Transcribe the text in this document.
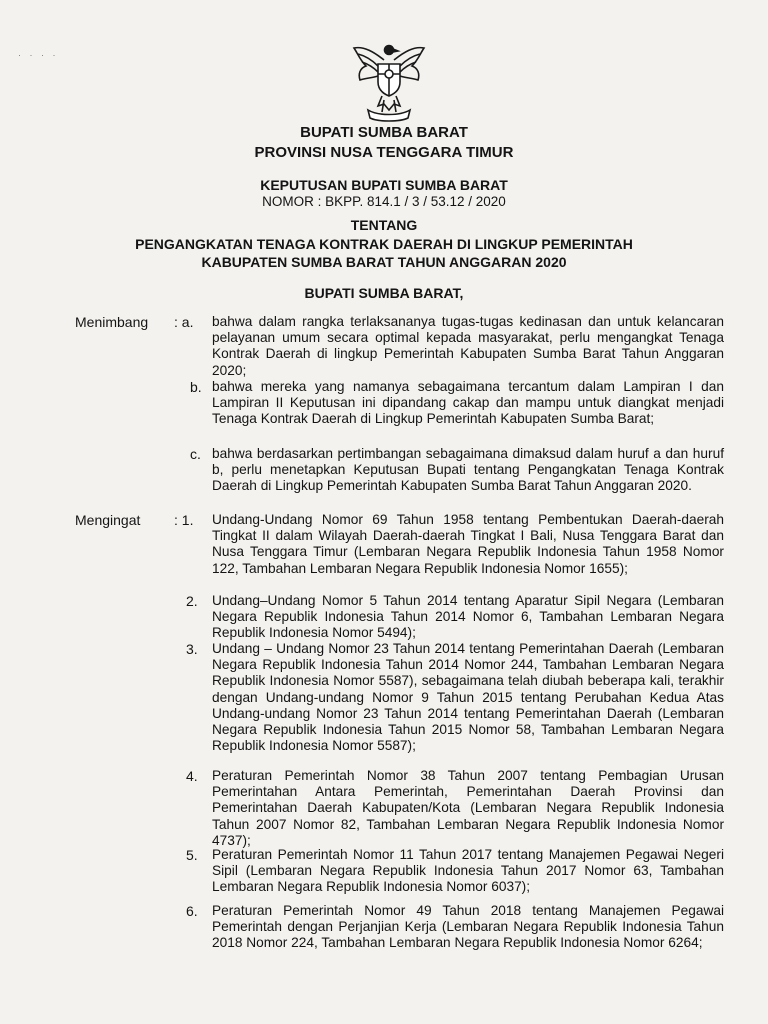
· · · ·
BUPATI SUMBA BARAT
PROVINSI NUSA TENGGARA TIMUR
KEPUTUSAN BUPATI SUMBA BARAT
NOMOR : BKPP. 814.1 / 3 / 53.12 / 2020
TENTANG
PENGANGKATAN TENAGA KONTRAK DAERAH DI LINGKUP PEMERINTAH
KABUPATEN SUMBA BARAT TAHUN ANGGARAN 2020
BUPATI SUMBA BARAT,
Menimbang : a. bahwa dalam rangka terlaksananya tugas-tugas kedinasan dan untuk kelancaran pelayanan umum secara optimal kepada masyarakat, perlu mengangkat Tenaga Kontrak Daerah di lingkup Pemerintah Kabupaten Sumba Barat Tahun Anggaran 2020;
b. bahwa mereka yang namanya sebagaimana tercantum dalam Lampiran I dan Lampiran II Keputusan ini dipandang cakap dan mampu untuk diangkat menjadi Tenaga Kontrak Daerah di Lingkup Pemerintah Kabupaten Sumba Barat;
c. bahwa berdasarkan pertimbangan sebagaimana dimaksud dalam huruf a dan huruf b, perlu menetapkan Keputusan Bupati tentang Pengangkatan Tenaga Kontrak Daerah di Lingkup Pemerintah Kabupaten Sumba Barat Tahun Anggaran 2020.
Mengingat : 1. Undang-Undang Nomor 69 Tahun 1958 tentang Pembentukan Daerah-daerah Tingkat II dalam Wilayah Daerah-daerah Tingkat I Bali, Nusa Tenggara Barat dan Nusa Tenggara Timur (Lembaran Negara Republik Indonesia Tahun 1958 Nomor 122, Tambahan Lembaran Negara Republik Indonesia Nomor 1655);
2. Undang–Undang Nomor 5 Tahun 2014 tentang Aparatur Sipil Negara (Lembaran Negara Republik Indonesia Tahun 2014 Nomor 6, Tambahan Lembaran Negara Republik Indonesia Nomor 5494);
3. Undang – Undang Nomor 23 Tahun 2014 tentang Pemerintahan Daerah (Lembaran Negara Republik Indonesia Tahun 2014 Nomor 244, Tambahan Lembaran Negara Republik Indonesia Nomor 5587), sebagaimana telah diubah beberapa kali, terakhir dengan Undang-undang Nomor 9 Tahun 2015 tentang Perubahan Kedua Atas Undang-undang Nomor 23 Tahun 2014 tentang Pemerintahan Daerah (Lembaran Negara Republik Indonesia Tahun 2015 Nomor 58, Tambahan Lembaran Negara Republik Indonesia Nomor 5587);
4. Peraturan Pemerintah Nomor 38 Tahun 2007 tentang Pembagian Urusan Pemerintahan Antara Pemerintah, Pemerintahan Daerah Provinsi dan Pemerintahan Daerah Kabupaten/Kota (Lembaran Negara Republik Indonesia Tahun 2007 Nomor 82, Tambahan Lembaran Negara Republik Indonesia Nomor 4737);
5. Peraturan Pemerintah Nomor 11 Tahun 2017 tentang Manajemen Pegawai Negeri Sipil (Lembaran Negara Republik Indonesia Tahun 2017 Nomor 63, Tambahan Lembaran Negara Republik Indonesia Nomor 6037);
6. Peraturan Pemerintah Nomor 49 Tahun 2018 tentang Manajemen Pegawai Pemerintah dengan Perjanjian Kerja (Lembaran Negara Republik Indonesia Tahun 2018 Nomor 224, Tambahan Lembaran Negara Republik Indonesia Nomor 6264;
